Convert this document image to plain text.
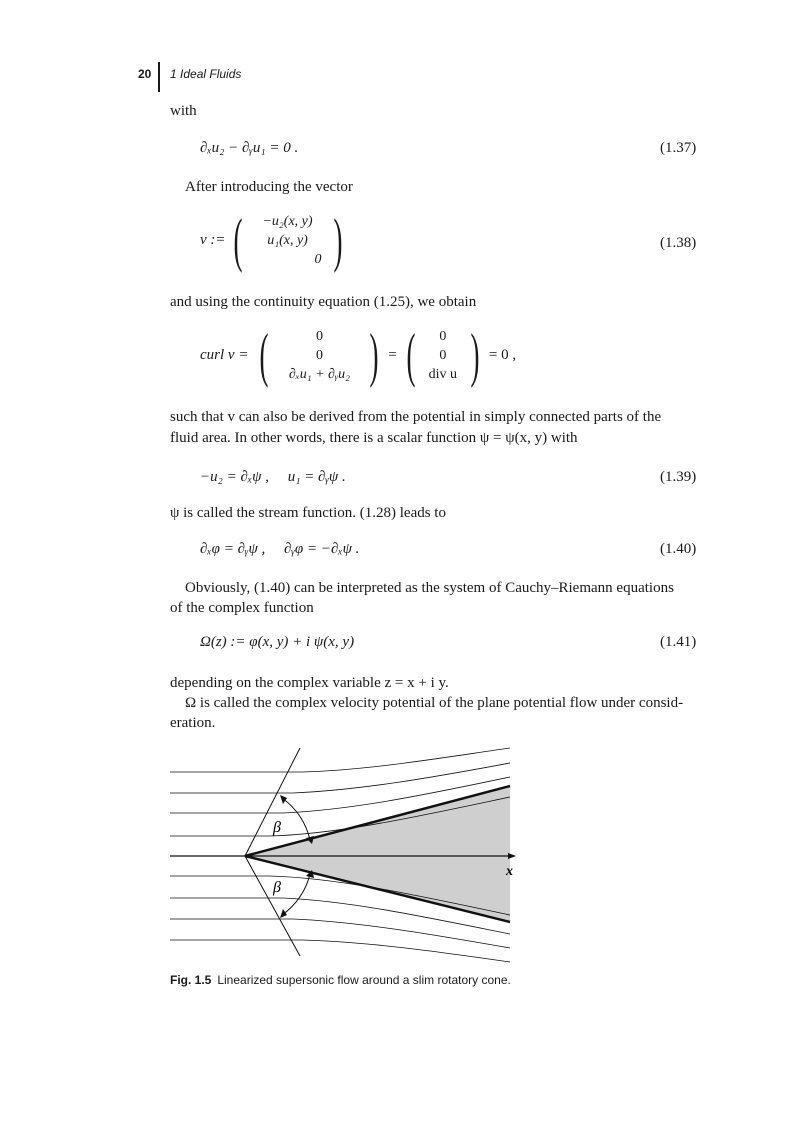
20 1 Ideal Fluids
with
∂ₓu₂ − ∂ᵧu₁ = 0 .	(1.37)
After introducing the vector
v := (	−u₂(x, y)
u₁(x, y)
0 )	(1.38)
and using the continuity equation (1.25), we obtain
curl v = (	0
0
∂ₓu₁ + ∂ᵧu₂ ) = (	0
0
div u ) = 0 ,
such that v can also be derived from the potential in simply connected parts of the
fluid area. In other words, there is a scalar function ψ = ψ(x, y) with
−u₂ = ∂ₓψ ,     u₁ = ∂ᵧψ .	(1.39)
ψ is called the stream function. (1.28) leads to
∂ₓφ = ∂ᵧψ ,     ∂ᵧφ = −∂ₓψ .	(1.40)
Obviously, (1.40) can be interpreted as the system of Cauchy–Riemann equations
of the complex function
Ω(z) := φ(x, y) + i ψ(x, y)	(1.41)
depending on the complex variable z = x + i y.
Ω is called the complex velocity potential of the plane potential flow under consid-
eration.
β
β
x
Fig. 1.5 Linearized supersonic flow around a slim rotatory cone.
